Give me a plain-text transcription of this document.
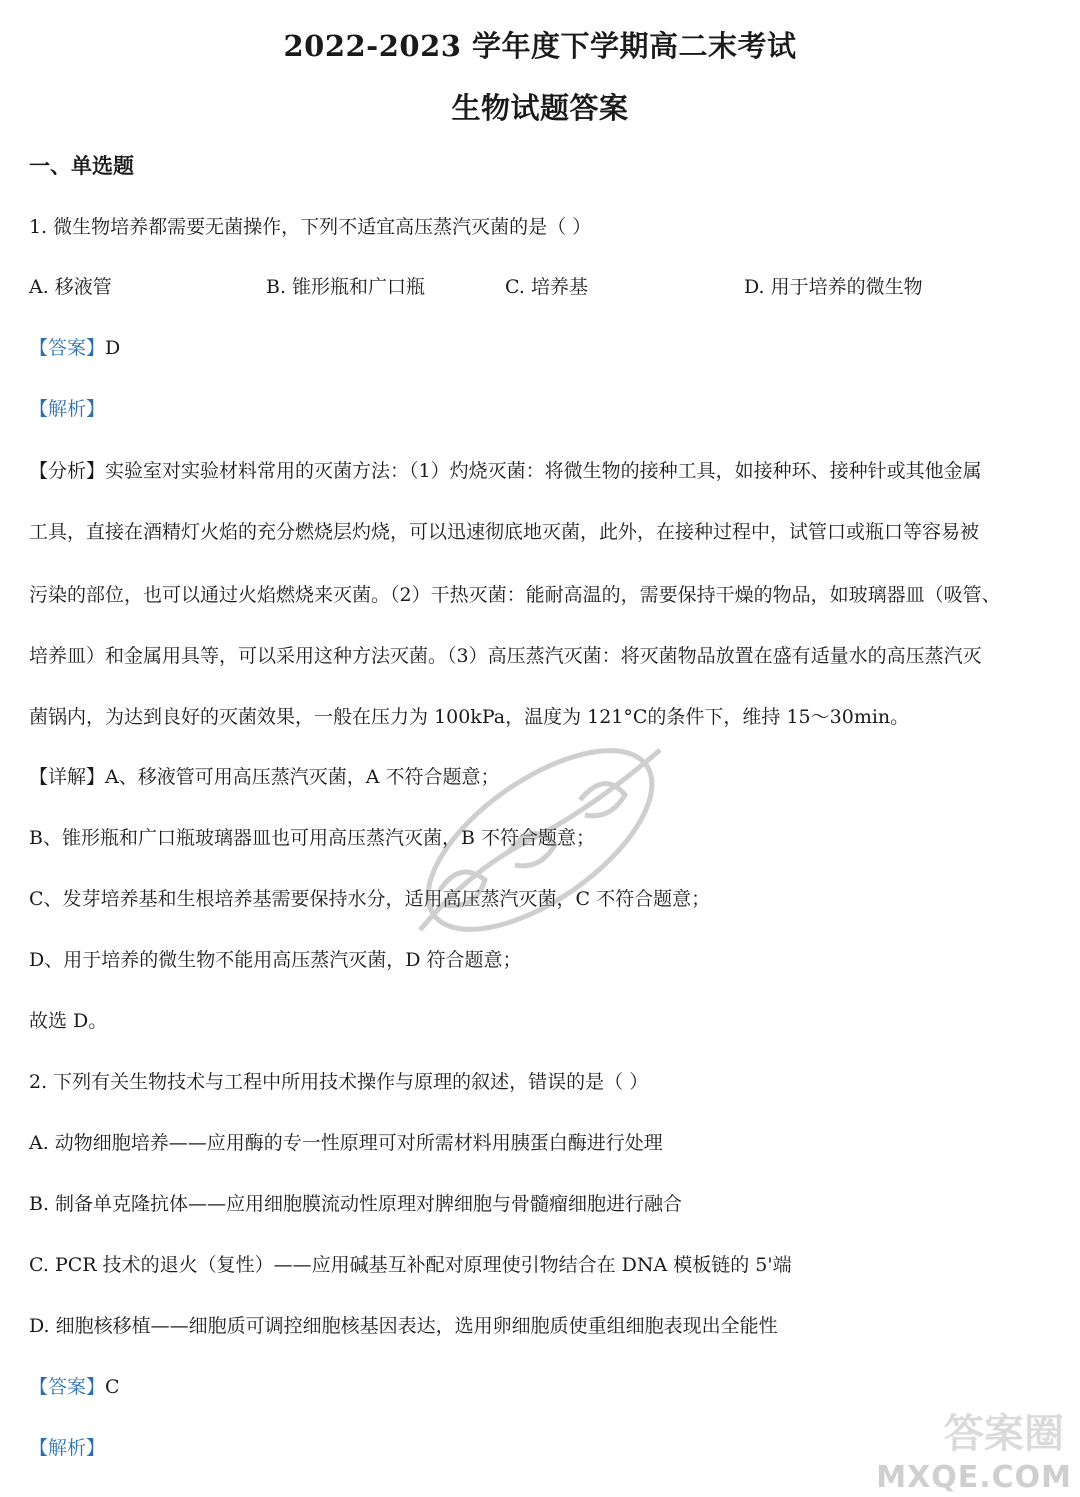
2022-2023 学年度下学期高二末考试
生物试题答案
一、单选题
1. 微生物培养都需要无菌操作，下列不适宜高压蒸汽灭菌的是（ ）
A. 移液管	B. 锥形瓶和广口瓶	C. 培养基	D. 用于培养的微生物
【答案】D
【解析】
【分析】实验室对实验材料常用的灭菌方法：（1）灼烧灭菌：将微生物的接种工具，如接种环、接种针或其他金属
工具，直接在酒精灯火焰的充分燃烧层灼烧，可以迅速彻底地灭菌，此外，在接种过程中，试管口或瓶口等容易被
污染的部位，也可以通过火焰燃烧来灭菌。（2）干热灭菌：能耐高温的，需要保持干燥的物品，如玻璃器皿（吸管、
培养皿）和金属用具等，可以采用这种方法灭菌。（3）高压蒸汽灭菌：将灭菌物品放置在盛有适量水的高压蒸汽灭
菌锅内，为达到良好的灭菌效果，一般在压力为 100kPa，温度为 121°C的条件下，维持 15～30min。
【详解】A、移液管可用高压蒸汽灭菌，A 不符合题意；
B、锥形瓶和广口瓶玻璃器皿也可用高压蒸汽灭菌，B 不符合题意；
C、发芽培养基和生根培养基需要保持水分，适用高压蒸汽灭菌，C 不符合题意；
D、用于培养的微生物不能用高压蒸汽灭菌，D 符合题意；
故选 D。
2. 下列有关生物技术与工程中所用技术操作与原理的叙述，错误的是（ ）
A. 动物细胞培养——应用酶的专一性原理可对所需材料用胰蛋白酶进行处理
B. 制备单克隆抗体——应用细胞膜流动性原理对脾细胞与骨髓瘤细胞进行融合
C. PCR 技术的退火（复性）——应用碱基互补配对原理使引物结合在 DNA 模板链的 5'端
D. 细胞核移植——细胞质可调控细胞核基因表达，选用卵细胞质使重组细胞表现出全能性
【答案】C
【解析】	答案圈
MXQE.COM
